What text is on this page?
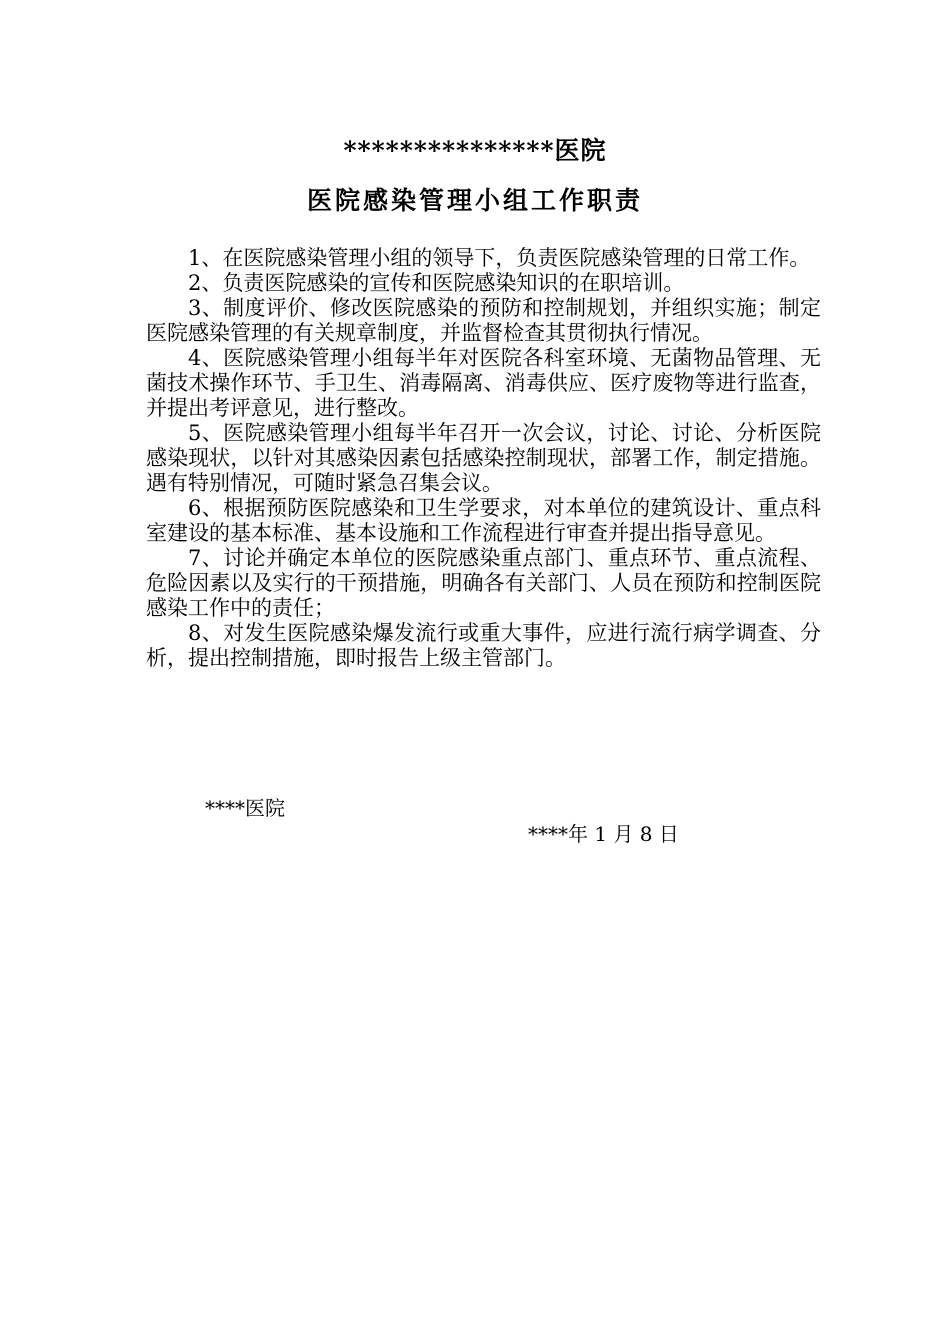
***************医院
医院感染管理小组工作职责

1、在医院感染管理小组的领导下，负责医院感染管理的日常工作。

2、负责医院感染的宣传和医院感染知识的在职培训。

3、制度评价、修改医院感染的预防和控制规划，并组织实施；制定医院感染管理的有关规章制度，并监督检查其贯彻执行情况。

4、医院感染管理小组每半年对医院各科室环境、无菌物品管理、无菌技术操作环节、手卫生、消毒隔离、消毒供应、医疗废物等进行监查，并提出考评意见，进行整改。

5、医院感染管理小组每半年召开一次会议，讨论、讨论、分析医院感染现状，以针对其感染因素包括感染控制现状，部署工作，制定措施。遇有特别情况，可随时紧急召集会议。

6、根据预防医院感染和卫生学要求，对本单位的建筑设计、重点科室建设的基本标准、基本设施和工作流程进行审查并提出指导意见。

7、讨论并确定本单位的医院感染重点部门、重点环节、重点流程、危险因素以及实行的干预措施，明确各有关部门、人员在预防和控制医院感染工作中的责任；

8、对发生医院感染爆发流行或重大事件，应进行流行病学调查、分析，提出控制措施，即时报告上级主管部门。

****医院
****年 1 月 8 日
